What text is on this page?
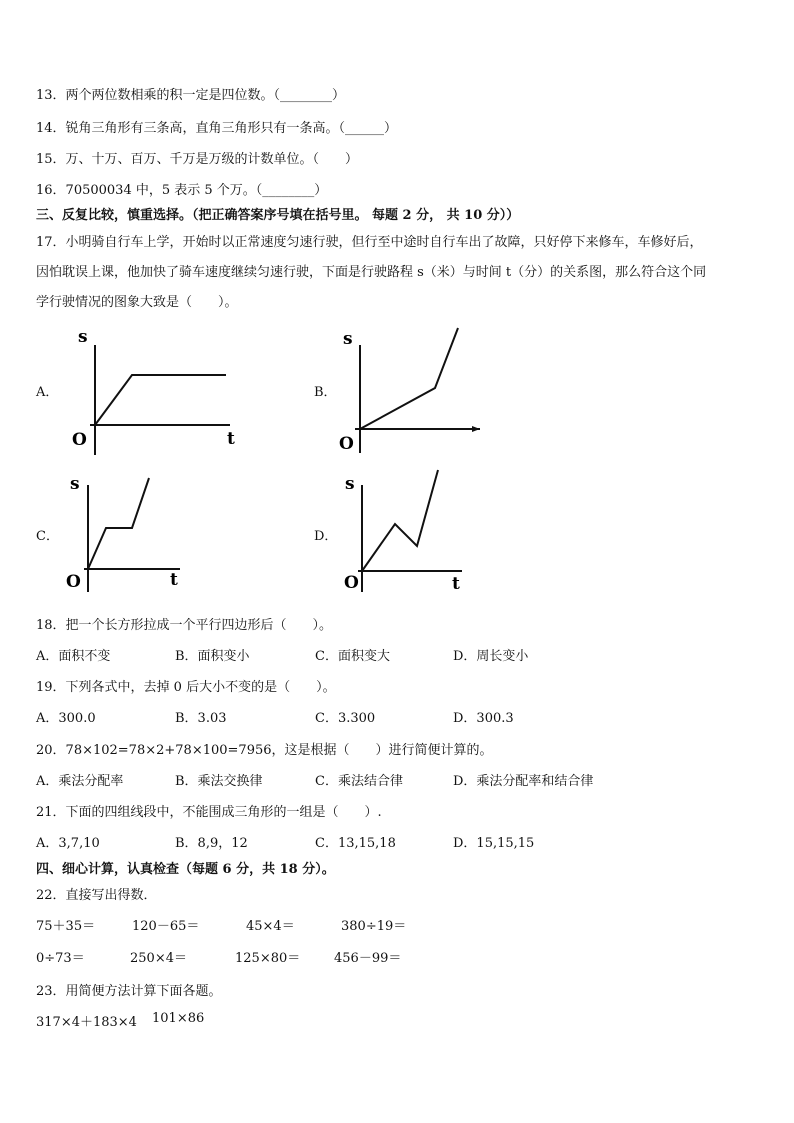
13．两个两位数相乘的积一定是四位数。（________）
14．锐角三角形有三条高，直角三角形只有一条高。（______）
15．万、十万、百万、千万是万级的计数单位。（　　）
16．70500034 中，5 表示 5 个万。（________）
三、反复比较，慎重选择。（把正确答案序号填在括号里。 每题 2 分， 共 10 分））
17．小明骑自行车上学，开始时以正常速度匀速行驶，但行至中途时自行车出了故障，只好停下来修车，车修好后，
因怕耽误上课，他加快了骑车速度继续匀速行驶，下面是行驶路程 s（米）与时间 t（分）的关系图，那么符合这个同
学行驶情况的图象大致是（　　）。
A．
s
t
O
B．
s
O
C．
s
t
O
D．
s
t
O
18．把一个长方形拉成一个平行四边形后（　　）。
A．面积不变	B．面积变小	C．面积变大	D．周长变小
19．下列各式中，去掉 0 后大小不变的是（　　）。
A．300.0	B．3.03	C．3.300	D．300.3
20．78×102=78×2+78×100=7956，这是根据（　　）进行简便计算的。
A．乘法分配率	B．乘法交换律	C．乘法结合律	D．乘法分配率和结合律
21．下面的四组线段中，不能围成三角形的一组是（　　）.
A．3,7,10	B．8,9，12	C．13,15,18	D．15,15,15
四、细心计算，认真检查（每题 6 分，共 18 分）。
22．直接写出得数．
75＋35＝	120－65＝	45×4＝	380÷19＝
0÷73＝	250×4＝	125×80＝	456－99＝
23．用简便方法计算下面各题。
317×4＋183×4 101×86
